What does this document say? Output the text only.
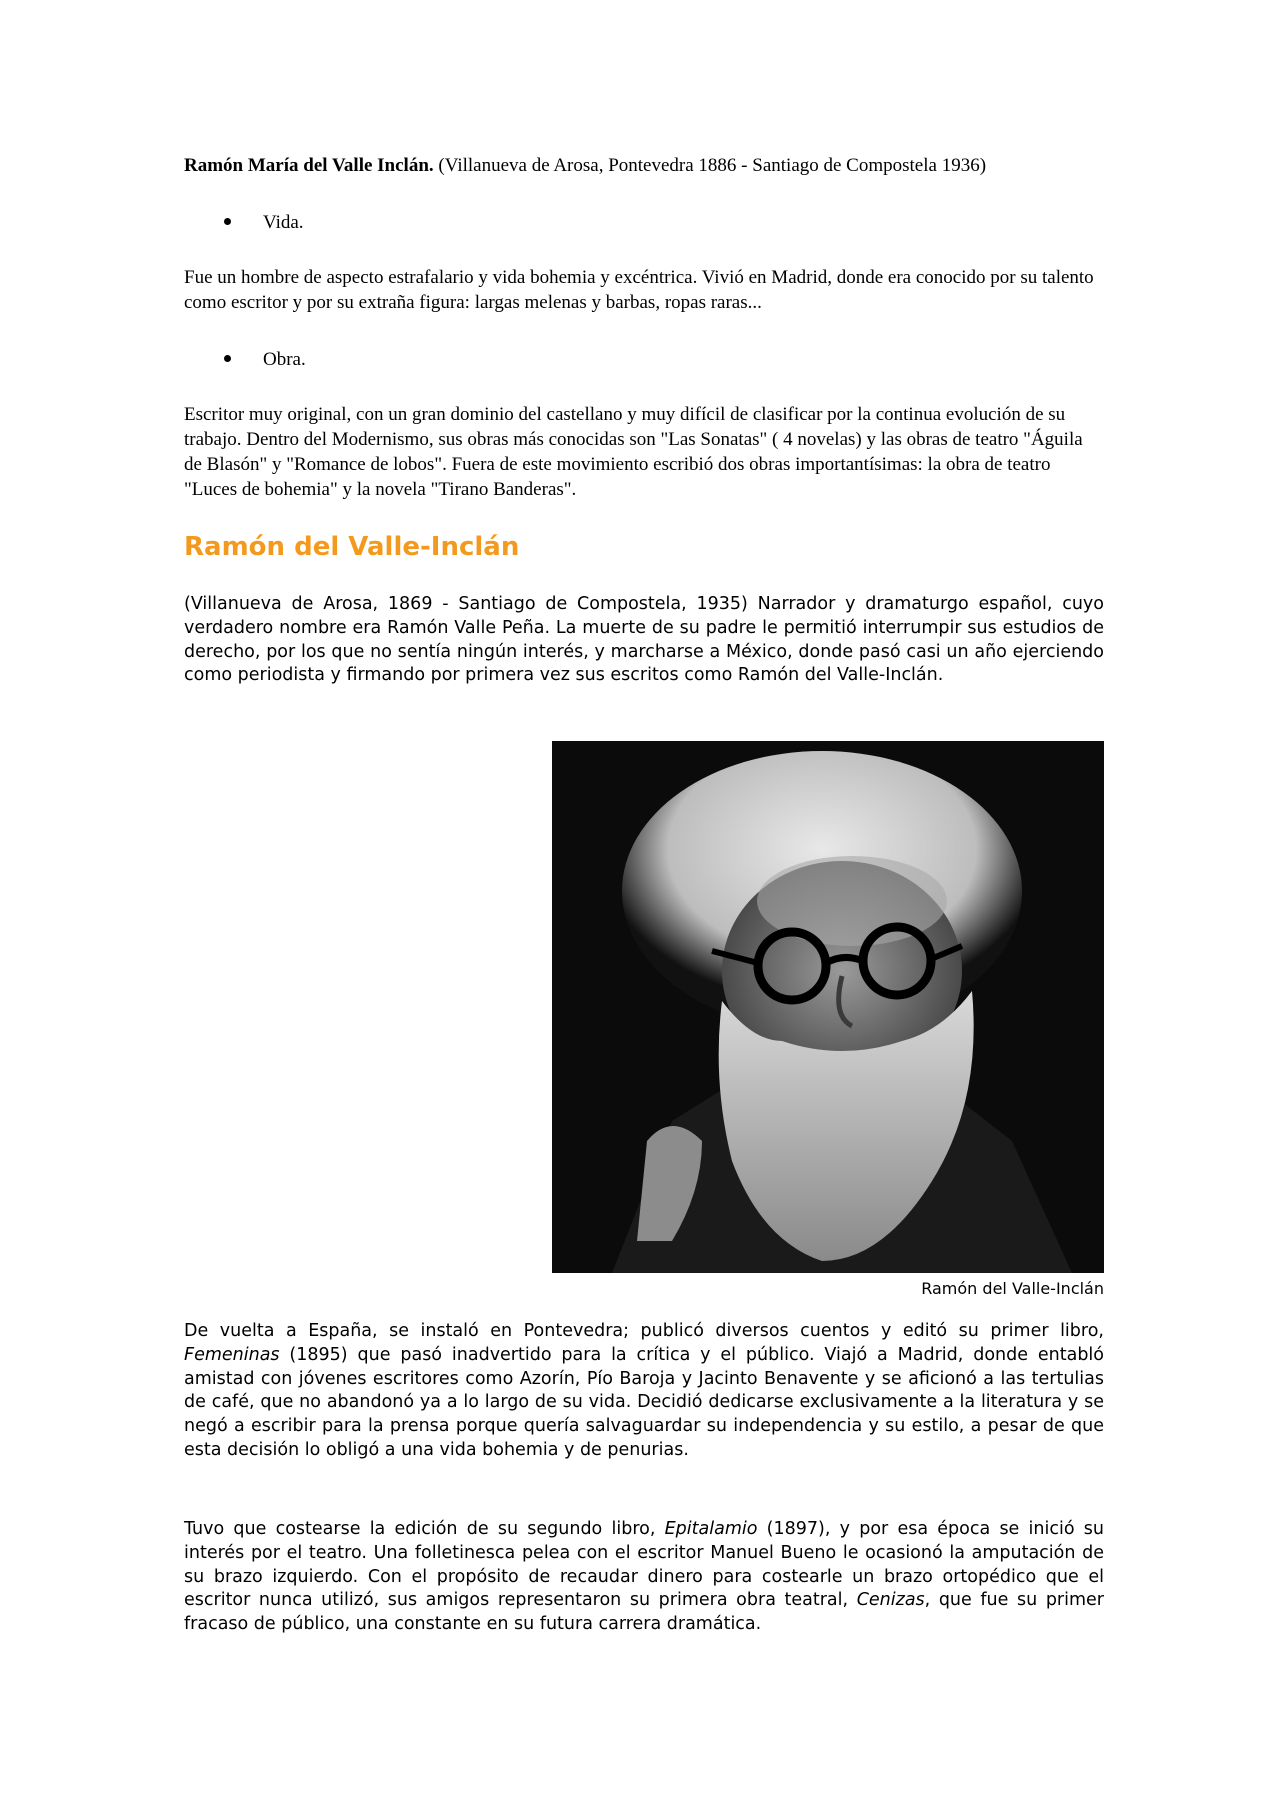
Ramón María del Valle Inclán. (Villanueva de Arosa, Pontevedra 1886 - Santiago de Compostela 1936)
Vida.

Fue un hombre de aspecto estrafalario y vida bohemia y excéntrica. Vivió en Madrid, donde era conocido por su talento como escritor y por su extraña figura: largas melenas y barbas, ropas raras...

Obra.

Escritor muy original, con un gran dominio del castellano y muy difícil de clasificar por la continua evolución de su trabajo. Dentro del Modernismo, sus obras más conocidas son "Las Sonatas" ( 4 novelas) y las obras de teatro "Águila de Blasón" y "Romance de lobos". Fuera de este movimiento escribió dos obras importantísimas: la obra de teatro "Luces de bohemia" y la novela "Tirano Banderas".

Ramón del Valle-Inclán

(Villanueva de Arosa, 1869 - Santiago de Compostela, 1935) Narrador y dramaturgo español, cuyo verdadero nombre era Ramón Valle Peña. La muerte de su padre le permitió interrumpir sus estudios de derecho, por los que no sentía ningún interés, y marcharse a México, donde pasó casi un año ejerciendo como periodista y firmando por primera vez sus escritos como Ramón del Valle-Inclán.

Ramón del Valle-Inclán

De vuelta a España, se instaló en Pontevedra; publicó diversos cuentos y editó su primer libro, Femeninas (1895) que pasó inadvertido para la crítica y el público. Viajó a Madrid, donde entabló amistad con jóvenes escritores como Azorín, Pío Baroja y Jacinto Benavente y se aficionó a las tertulias de café, que no abandonó ya a lo largo de su vida. Decidió dedicarse exclusivamente a la literatura y se negó a escribir para la prensa porque quería salvaguardar su independencia y su estilo, a pesar de que esta decisión lo obligó a una vida bohemia y de penurias.

Tuvo que costearse la edición de su segundo libro, Epitalamio (1897), y por esa época se inició su interés por el teatro. Una folletinesca pelea con el escritor Manuel Bueno le ocasionó la amputación de su brazo izquierdo. Con el propósito de recaudar dinero para costearle un brazo ortopédico que el escritor nunca utilizó, sus amigos representaron su primera obra teatral, Cenizas, que fue su primer fracaso de público, una constante en su futura carrera dramática.
